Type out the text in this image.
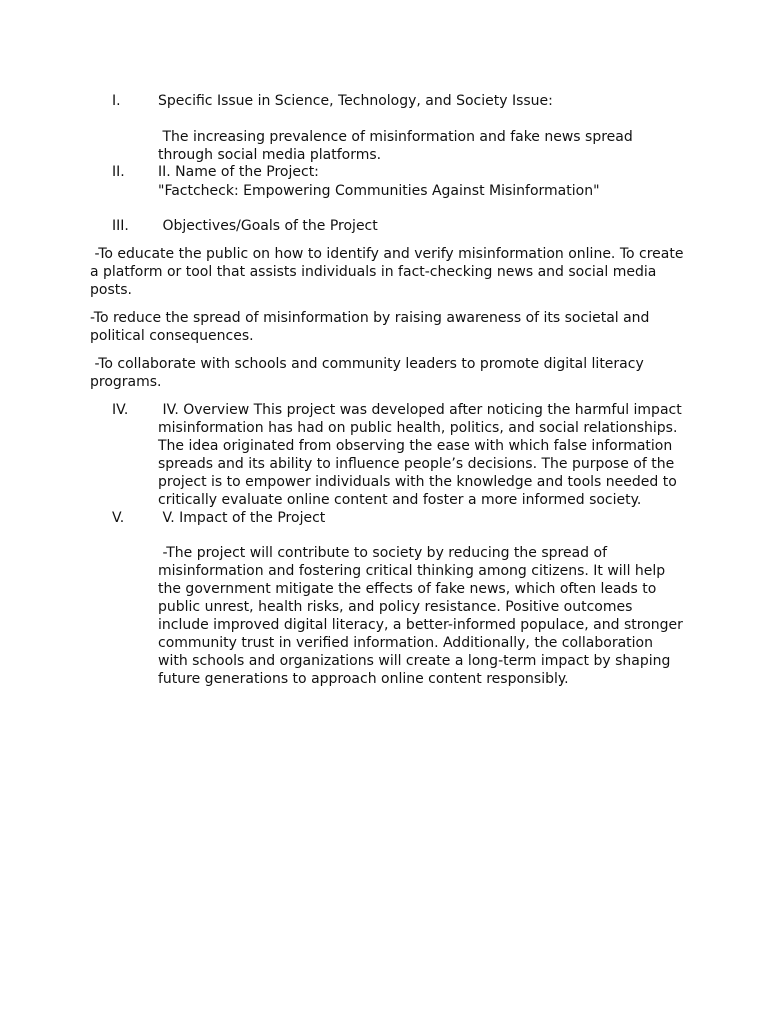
I.	Specific Issue in Science, Technology, and Society Issue:
The increasing prevalence of misinformation and fake news spread
through social media platforms.
II. II. Name of the Project:
"Factcheck: Empowering Communities Against Misinformation"
III. Objectives/Goals of the Project
-To educate the public on how to identify and verify misinformation online. To create
a platform or tool that assists individuals in fact-checking news and social media
posts.
-To reduce the spread of misinformation by raising awareness of its societal and
political consequences.
-To collaborate with schools and community leaders to promote digital literacy
programs.
IV. IV. Overview This project was developed after noticing the harmful impact
misinformation has had on public health, politics, and social relationships.
The idea originated from observing the ease with which false information
spreads and its ability to influence people’s decisions. The purpose of the
project is to empower individuals with the knowledge and tools needed to
critically evaluate online content and foster a more informed society.
V. V. Impact of the Project
-The project will contribute to society by reducing the spread of
misinformation and fostering critical thinking among citizens. It will help
the government mitigate the effects of fake news, which often leads to
public unrest, health risks, and policy resistance. Positive outcomes
include improved digital literacy, a better-informed populace, and stronger
community trust in verified information. Additionally, the collaboration
with schools and organizations will create a long-term impact by shaping
future generations to approach online content responsibly.
